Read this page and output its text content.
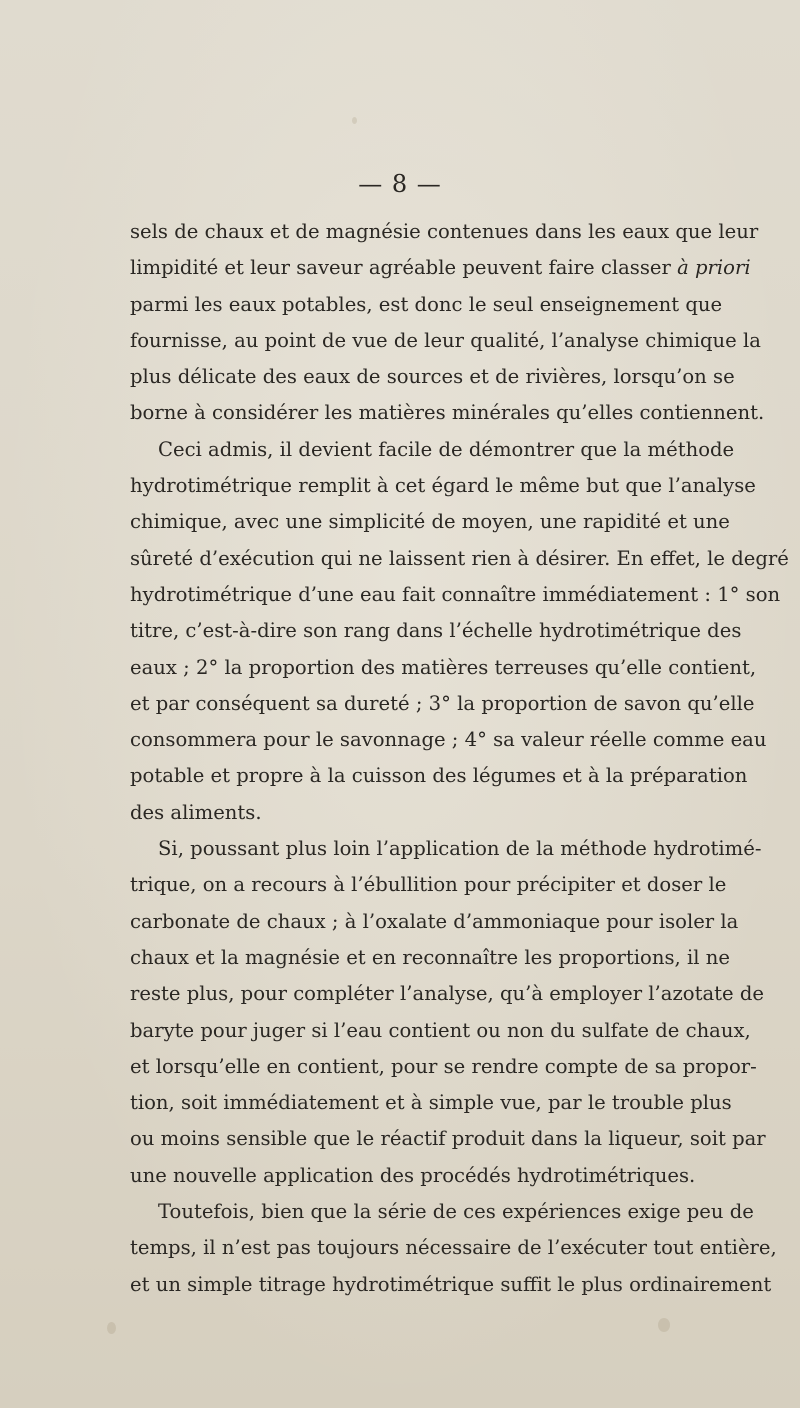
— 8 —
sels de chaux et de magnésie contenues dans les eaux que leur
limpidité et leur saveur agréable peuvent faire classer à priori
parmi les eaux potables, est donc le seul enseignement que
fournisse, au point de vue de leur qualité, l’analyse chimique la
plus délicate des eaux de sources et de rivières, lorsqu’on se
borne à considérer les matières minérales qu’elles contiennent.
Ceci admis, il devient facile de démontrer que la méthode
hydrotimétrique remplit à cet égard le même but que l’analyse
chimique, avec une simplicité de moyen, une rapidité et une
sûreté d’exécution qui ne laissent rien à désirer. En effet, le degré
hydrotimétrique d’une eau fait connaître immédiatement : 1° son
titre, c’est-à-dire son rang dans l’échelle hydrotimétrique des
eaux ; 2° la proportion des matières terreuses qu’elle contient,
et par conséquent sa dureté ; 3° la proportion de savon qu’elle
consommera pour le savonnage ; 4° sa valeur réelle comme eau
potable et propre à la cuisson des légumes et à la préparation
des aliments.
Si, poussant plus loin l’application de la méthode hydrotimé-
trique, on a recours à l’ébullition pour précipiter et doser le
carbonate de chaux ; à l’oxalate d’ammoniaque pour isoler la
chaux et la magnésie et en reconnaître les proportions, il ne
reste plus, pour compléter l’analyse, qu’à employer l’azotate de
baryte pour juger si l’eau contient ou non du sulfate de chaux,
et lorsqu’elle en contient, pour se rendre compte de sa propor-
tion, soit immédiatement et à simple vue, par le trouble plus
ou moins sensible que le réactif produit dans la liqueur, soit par
une nouvelle application des procédés hydrotimétriques.
Toutefois, bien que la série de ces expériences exige peu de
temps, il n’est pas toujours nécessaire de l’exécuter tout entière,
et un simple titrage hydrotimétrique suffit le plus ordinairement
